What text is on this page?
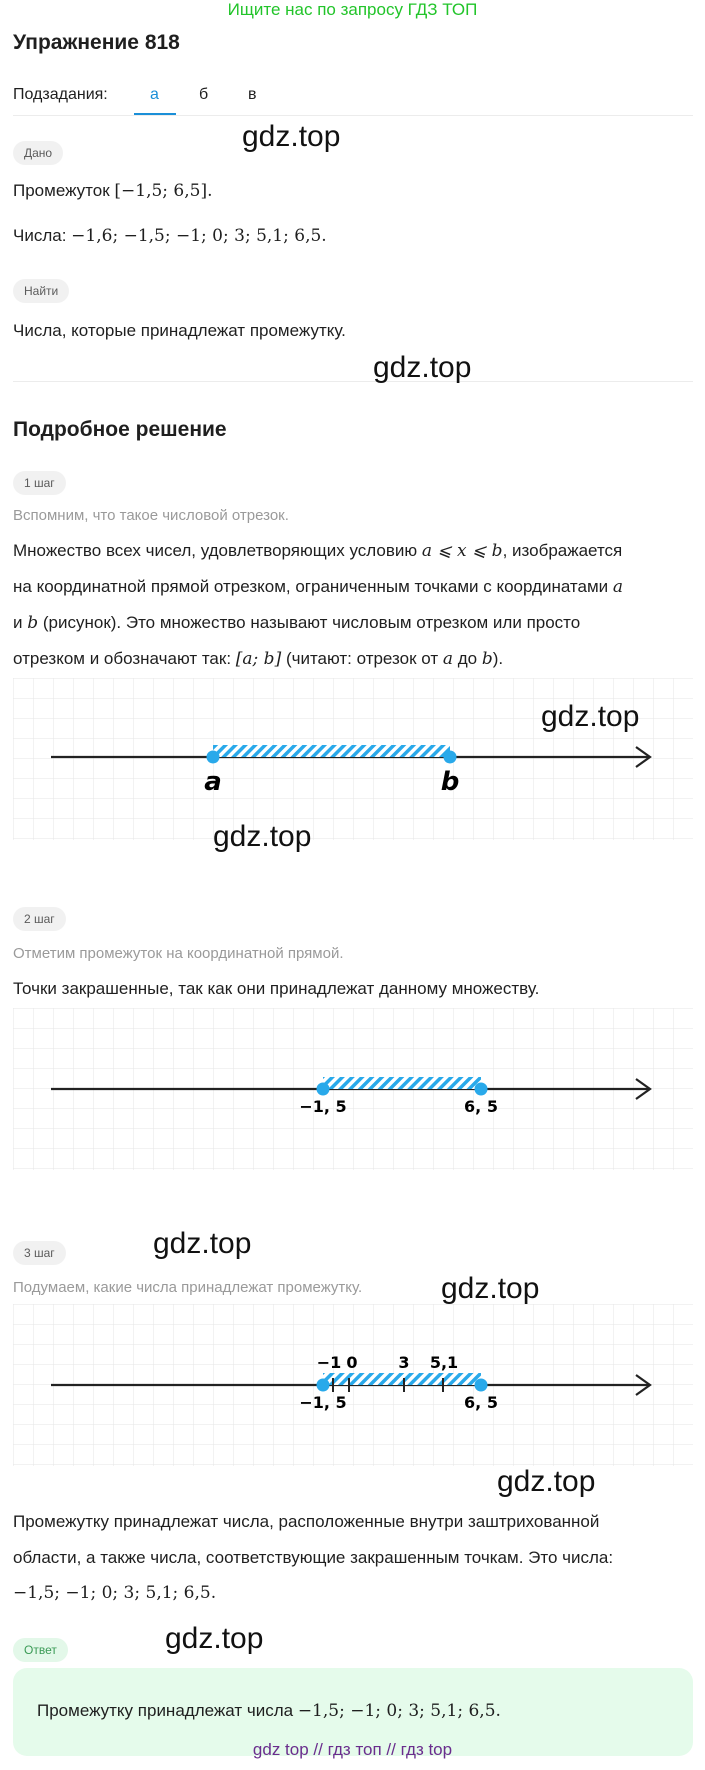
Ищите нас по запросу ГДЗ ТОП
Упражнение 818
Подзадания:	а	б в
Дано
Промежуток [−1,5; 6,5].
Числа: −1,6; −1,5; −1; 0; 3; 5,1; 6,5.
Найти
Числа, которые принадлежат промежутку.
Подробное решение
1 шаг
Вспомним, что такое числовой отрезок.
Множество всех чисел, удовлетворяющих условию a ⩽ x ⩽ b, изображается
на координатной прямой отрезком, ограниченным точками с координатами a
и b (рисунок). Это множество называют числовым отрезком или просто
отрезком и обозначают так: [a; b] (читают: отрезок от a до b).
a	b
2 шаг
Отметим промежуток на координатной прямой.
Точки закрашенные, так как они принадлежат данному множеству.
−1, 5	6, 5
3 шаг
Подумаем, какие числа принадлежат промежутку.
−1 0	3 5,1
−1, 5	6, 5
Промежутку принадлежат числа, расположенные внутри заштрихованной
области, а также числа, соответствующие закрашенным точкам. Это числа:
−1,5; −1; 0; 3; 5,1; 6,5.
Ответ
Промежутку принадлежат числа −1,5; −1; 0; 3; 5,1; 6,5.
gdz.top
gdz.top
gdz.top
gdz.top
gdz.top
gdz.top
gdz.top
gdz.top
gdz top // гдз топ // гдз top
